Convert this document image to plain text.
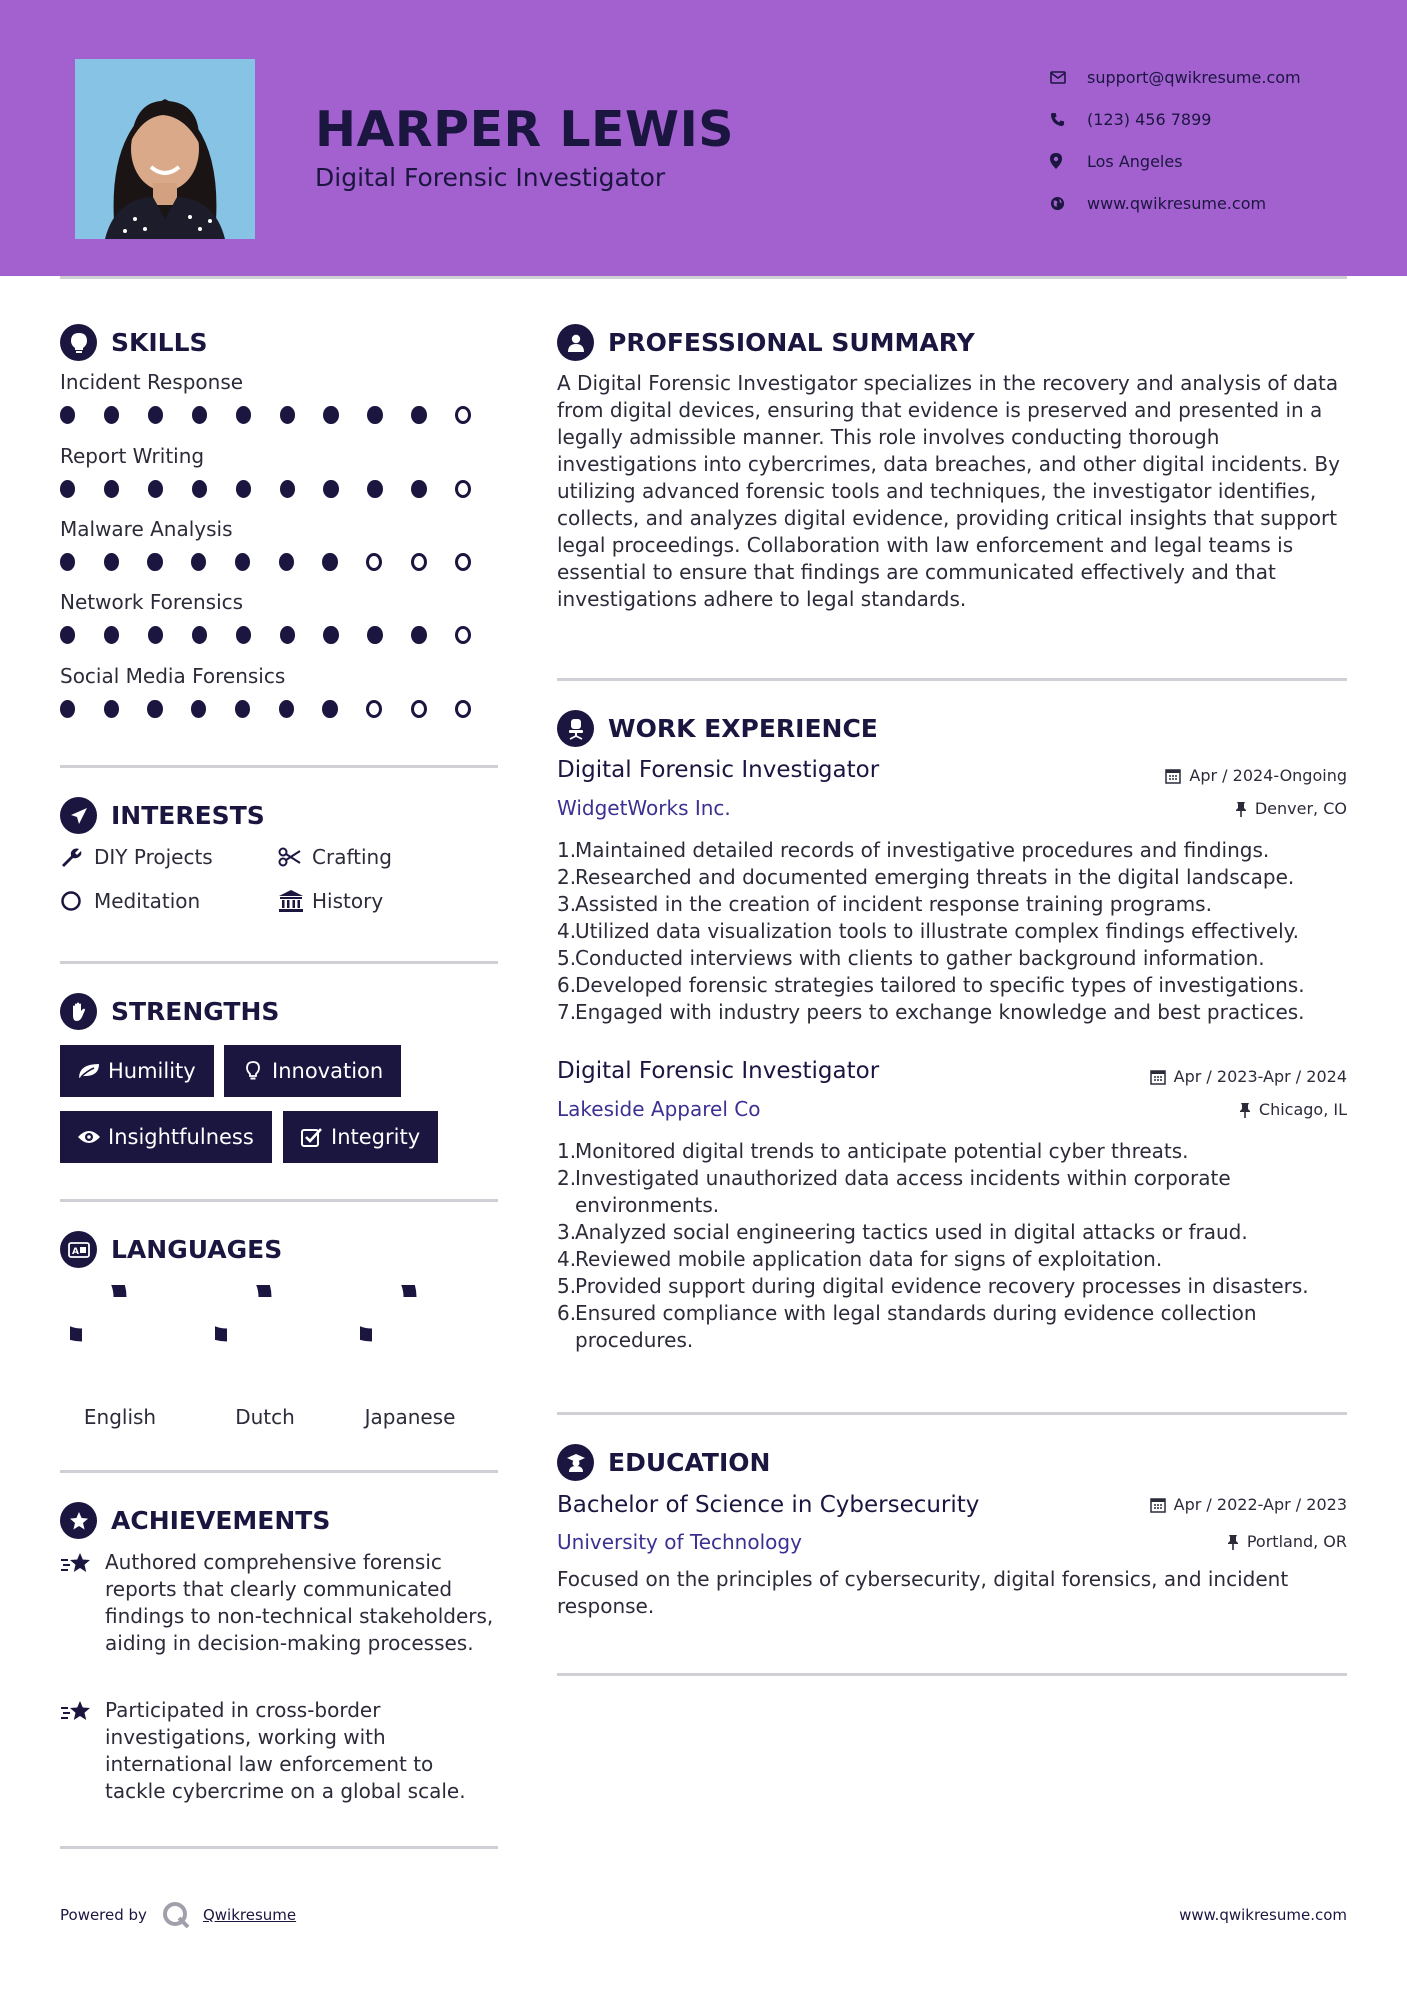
HARPER LEWIS
Digital Forensic Investigator
support@qwikresume.com
(123) 456 7899
Los Angeles
www.qwikresume.com
SKILLS
Incident Response
Report Writing
Malware Analysis
Network Forensics
Social Media Forensics
INTERESTS
DIY Projects	Crafting
Meditation	History
STRENGTHS
Humility	Innovation
Insightfulness	Integrity
A LANGUAGES
English	Dutch	Japanese
ACHIEVEMENTS
Authored comprehensive forensic reports that clearly communicated findings to non-technical stakeholders, aiding in decision-making processes.
Participated in cross-border investigations, working with international law enforcement to tackle cybercrime on a global scale.
PROFESSIONAL SUMMARY
A Digital Forensic Investigator specializes in the recovery and analysis of data from digital devices, ensuring that evidence is preserved and presented in a legally admissible manner. This role involves conducting thorough investigations into cybercrimes, data breaches, and other digital incidents. By utilizing advanced forensic tools and techniques, the investigator identifies, collects, and analyzes digital evidence, providing critical insights that support legal proceedings. Collaboration with law enforcement and legal teams is essential to ensure that findings are communicated effectively and that investigations adhere to legal standards.
WORK EXPERIENCE
Digital Forensic Investigator	Apr / 2024-Ongoing
WidgetWorks Inc.	Denver, CO
1.
Maintained detailed records of investigative procedures and findings.
2.
Researched and documented emerging threats in the digital landscape.
3.
Assisted in the creation of incident response training programs.
4.
Utilized data visualization tools to illustrate complex findings effectively.
5.
Conducted interviews with clients to gather background information.
6.
Developed forensic strategies tailored to specific types of investigations.
7.
Engaged with industry peers to exchange knowledge and best practices.
Digital Forensic Investigator	Apr / 2023-Apr / 2024
Lakeside Apparel Co	Chicago, IL
1.
Monitored digital trends to anticipate potential cyber threats.
2.
Investigated unauthorized data access incidents within corporate environments.
3.
Analyzed social engineering tactics used in digital attacks or fraud.
4.
Reviewed mobile application data for signs of exploitation.
5.
Provided support during digital evidence recovery processes in disasters.
6.
Ensured compliance with legal standards during evidence collection procedures.
EDUCATION
Bachelor of Science in Cybersecurity	Apr / 2022-Apr / 2023
University of Technology	Portland, OR
Focused on the principles of cybersecurity, digital forensics, and incident response.
Powered by	Qwikresume	www.qwikresume.com
